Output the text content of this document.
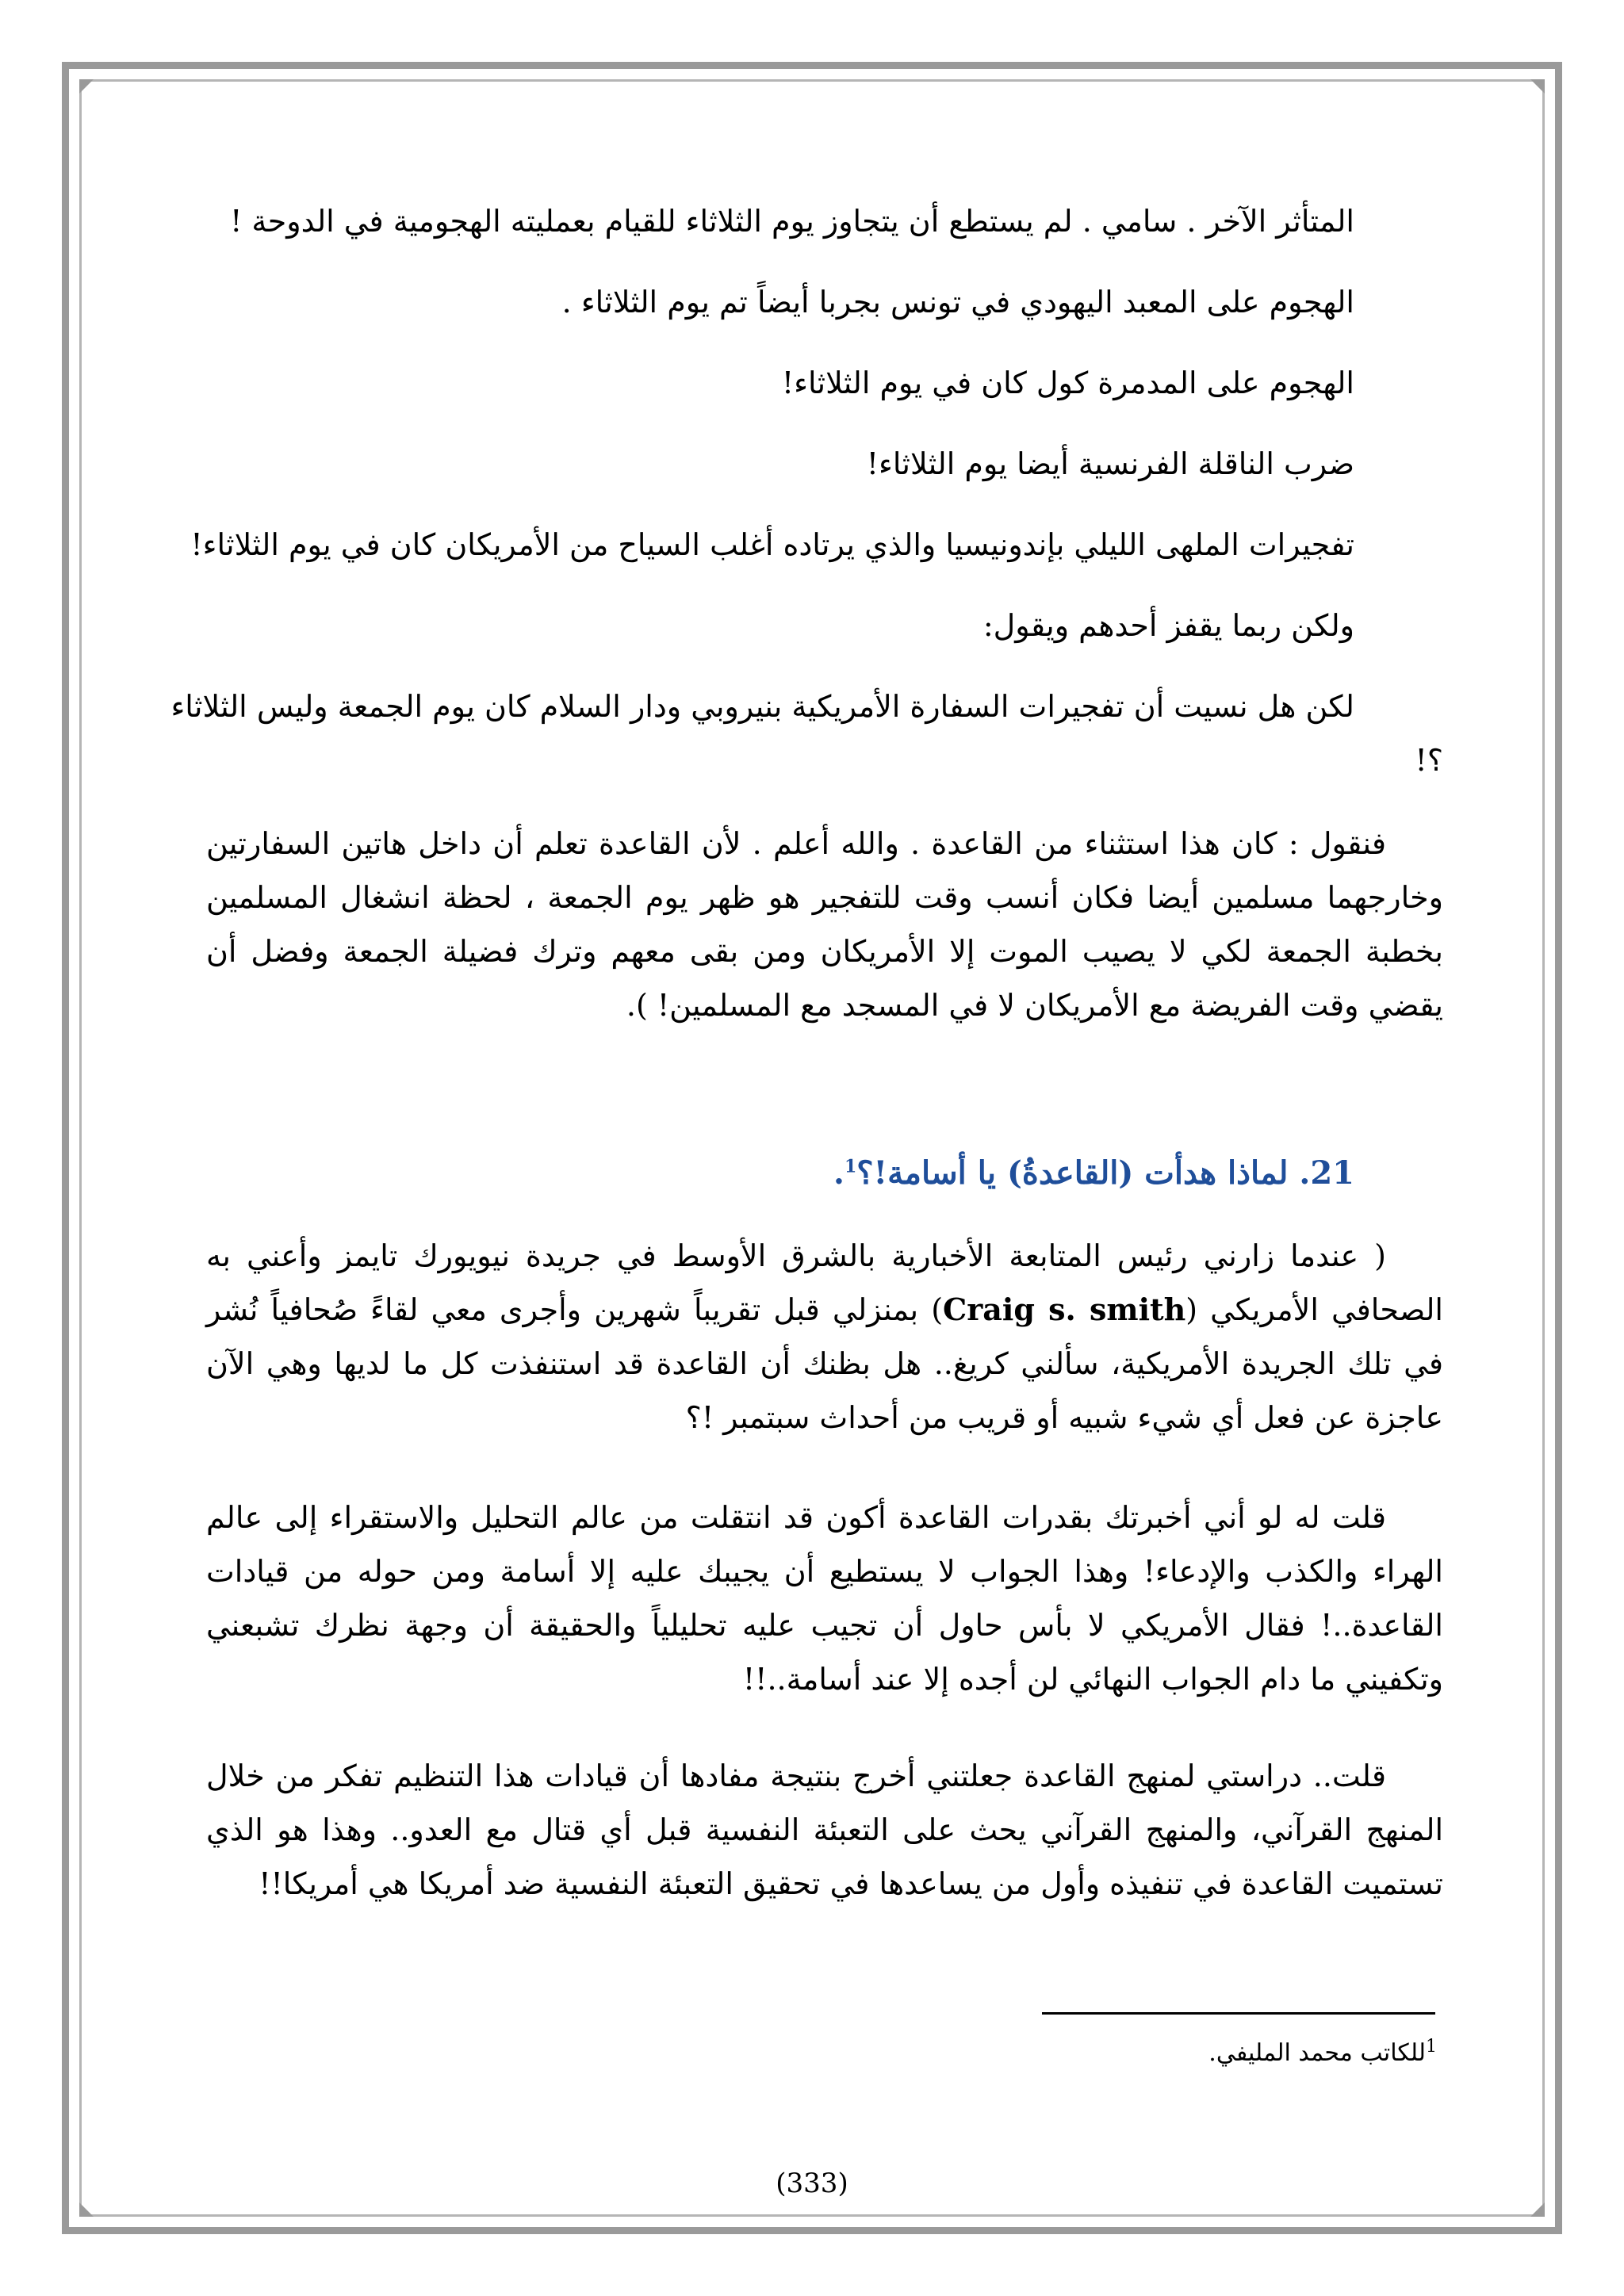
المتأثر الآخر . سامي . لم يستطع أن يتجاوز يوم الثلاثاء للقيام بعمليته الهجومية في الدوحة !
الهجوم على المعبد اليهودي في تونس بجربا أيضاً تم يوم الثلاثاء .
الهجوم على المدمرة كول كان في يوم الثلاثاء!
ضرب الناقلة الفرنسية أيضا يوم الثلاثاء!
تفجيرات الملهى الليلي بإندونيسيا والذي يرتاده أغلب السياح من الأمريكان كان في يوم الثلاثاء!
ولكن ربما يقفز أحدهم ويقول:
لكن هل نسيت أن تفجيرات السفارة الأمريكية بنيروبي ودار السلام كان يوم الجمعة وليس الثلاثاء
؟!

فنقول : كان هذا استثناء من القاعدة . والله أعلم . لأن القاعدة تعلم أن داخل هاتين السفارتين وخارجهما مسلمين أيضا فكان أنسب وقت للتفجير هو ظهر يوم الجمعة ، لحظة انشغال المسلمين بخطبة الجمعة لكي لا يصيب الموت إلا الأمريكان ومن بقى معهم وترك فضيلة الجمعة وفضل أن يقضي وقت الفريضة مع الأمريكان لا في المسجد مع المسلمين! ).

21. لماذا هدأت (القاعدةُ) يا أسامة!؟$^1$.

( عندما زارني رئيس المتابعة الأخبارية بالشرق الأوسط في جريدة نيويورك تايمز وأعني به الصحافي الأمريكي (Craig s. smith) بمنزلي قبل تقريباً شهرين وأجرى معي لقاءً صُحافياً نُشر في تلك الجريدة الأمريكية، سألني كريغ.. هل بظنك أن القاعدة قد استنفذت كل ما لديها وهي الآن عاجزة عن فعل أي شيء شبيه أو قريب من أحداث سبتمبر !؟

قلت له لو أني أخبرتك بقدرات القاعدة أكون قد انتقلت من عالم التحليل والاستقراء إلى عالم الهراء والكذب والإدعاء! وهذا الجواب لا يستطيع أن يجيبك عليه إلا أسامة ومن حوله من قيادات القاعدة..! فقال الأمريكي لا بأس حاول أن تجيب عليه تحليلياً والحقيقة أن وجهة نظرك تشبعني وتكفيني ما دام الجواب النهائي لن أجده إلا عند أسامة..!!

قلت.. دراستي لمنهج القاعدة جعلتني أخرج بنتيجة مفادها أن قيادات هذا التنظيم تفكر من خلال المنهج القرآني، والمنهج القرآني يحث على التعبئة النفسية قبل أي قتال مع العدو.. وهذا هو الذي تستميت القاعدة في تنفيذه وأول من يساعدها في تحقيق التعبئة النفسية ضد أمريكا هي أمريكا!!

$^1$للكاتب محمد المليفي.
(333)
